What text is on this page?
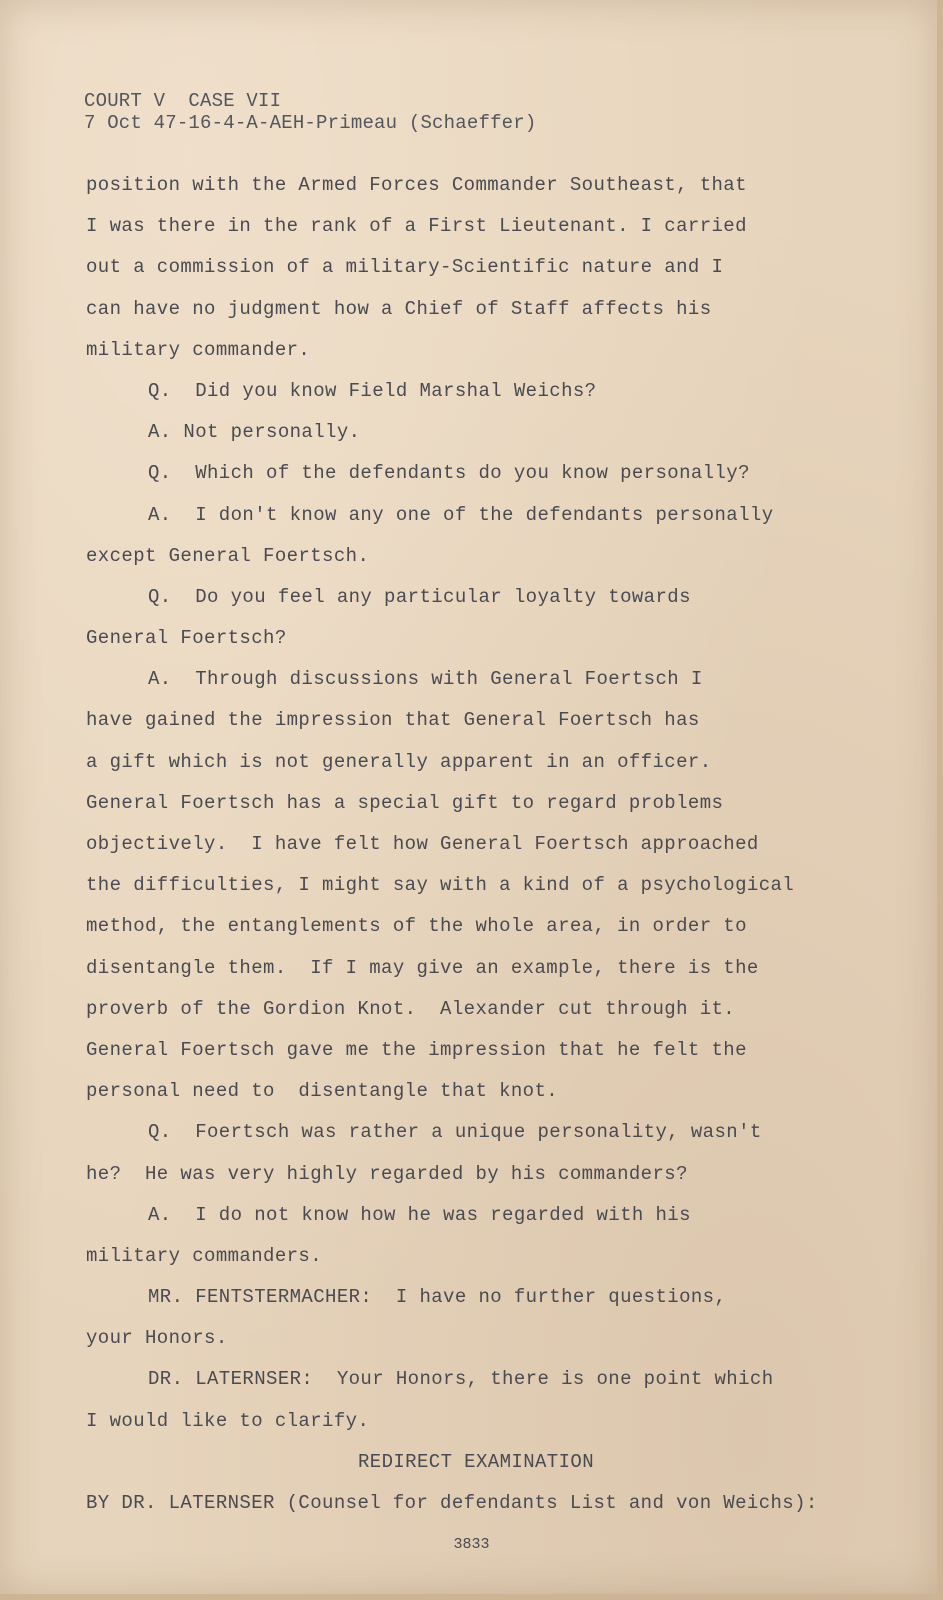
COURT V  CASE VII
7 Oct 47-16-4-A-AEH-Primeau (Schaeffer)
position with the Armed Forces Commander Southeast, that
I was there in the rank of a First Lieutenant. I carried
out a commission of a military-Scientific nature and I
can have no judgment how a Chief of Staff affects his
military commander.
Q.  Did you know Field Marshal Weichs?
A. Not personally.
Q.  Which of the defendants do you know personally?
A.  I don't know any one of the defendants personally
except General Foertsch.
Q.  Do you feel any particular loyalty towards
General Foertsch?
A.  Through discussions with General Foertsch I
have gained the impression that General Foertsch has
a gift which is not generally apparent in an officer.
General Foertsch has a special gift to regard problems
objectively.  I have felt how General Foertsch approached
the difficulties, I might say with a kind of a psychological
method, the entanglements of the whole area, in order to
disentangle them.  If I may give an example, there is the
proverb of the Gordion Knot.  Alexander cut through it.
General Foertsch gave me the impression that he felt the
personal need to  disentangle that knot.
Q.  Foertsch was rather a unique personality, wasn't
he?  He was very highly regarded by his commanders?
A.  I do not know how he was regarded with his
military commanders.
MR. FENTSTERMACHER:  I have no further questions,
your Honors.
DR. LATERNSER:  Your Honors, there is one point which
I would like to clarify.
REDIRECT EXAMINATION
BY DR. LATERNSER (Counsel for defendants List and von Weichs):
3833
